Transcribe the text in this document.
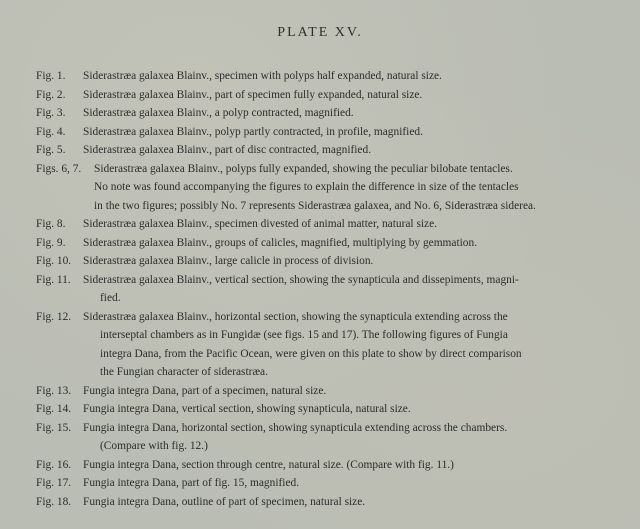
PLATE XV.
Fig. 1.	Siderastræa galaxea Blainv., specimen with polyps half expanded, natural size.
Fig. 2.	Siderastræa galaxea Blainv., part of specimen fully expanded, natural size.
Fig. 3.	Siderastræa galaxea Blainv., a polyp contracted, magnified.
Fig. 4.	Siderastræa galaxea Blainv., polyp partly contracted, in profile, magnified.
Fig. 5.	Siderastræa galaxea Blainv., part of disc contracted, magnified.
Figs. 6, 7.	Siderastræa galaxea Blainv., polyps fully expanded, showing the peculiar bilobate tentacles.
No note was found accompanying the figures to explain the difference in size of the tentacles
in the two figures; possibly No. 7 represents Siderastræa galaxea, and No. 6, Siderastræa siderea.
Fig. 8.	Siderastræa galaxea Blainv., specimen divested of animal matter, natural size.
Fig. 9.	Siderastræa galaxea Blainv., groups of calicles, magnified, multiplying by gemmation.
Fig. 10.	Siderastræa galaxea Blainv., large calicle in process of division.
Fig. 11.	Siderastræa galaxea Blainv., vertical section, showing the synapticula and dissepiments, magni-
fied.
Fig. 12.	Siderastræa galaxea Blainv., horizontal section, showing the synapticula extending across the
interseptal chambers as in Fungidæ (see figs. 15 and 17). The following figures of Fungia
integra Dana, from the Pacific Ocean, were given on this plate to show by direct comparison
the Fungian character of siderastræa.
Fig. 13.	Fungia integra Dana, part of a specimen, natural size.
Fig. 14.	Fungia integra Dana, vertical section, showing synapticula, natural size.
Fig. 15.	Fungia integra Dana, horizontal section, showing synapticula extending across the chambers.
(Compare with fig. 12.)
Fig. 16.	Fungia integra Dana, section through centre, natural size. (Compare with fig. 11.)
Fig. 17.	Fungia integra Dana, part of fig. 15, magnified.
Fig. 18.	Fungia integra Dana, outline of part of specimen, natural size.
